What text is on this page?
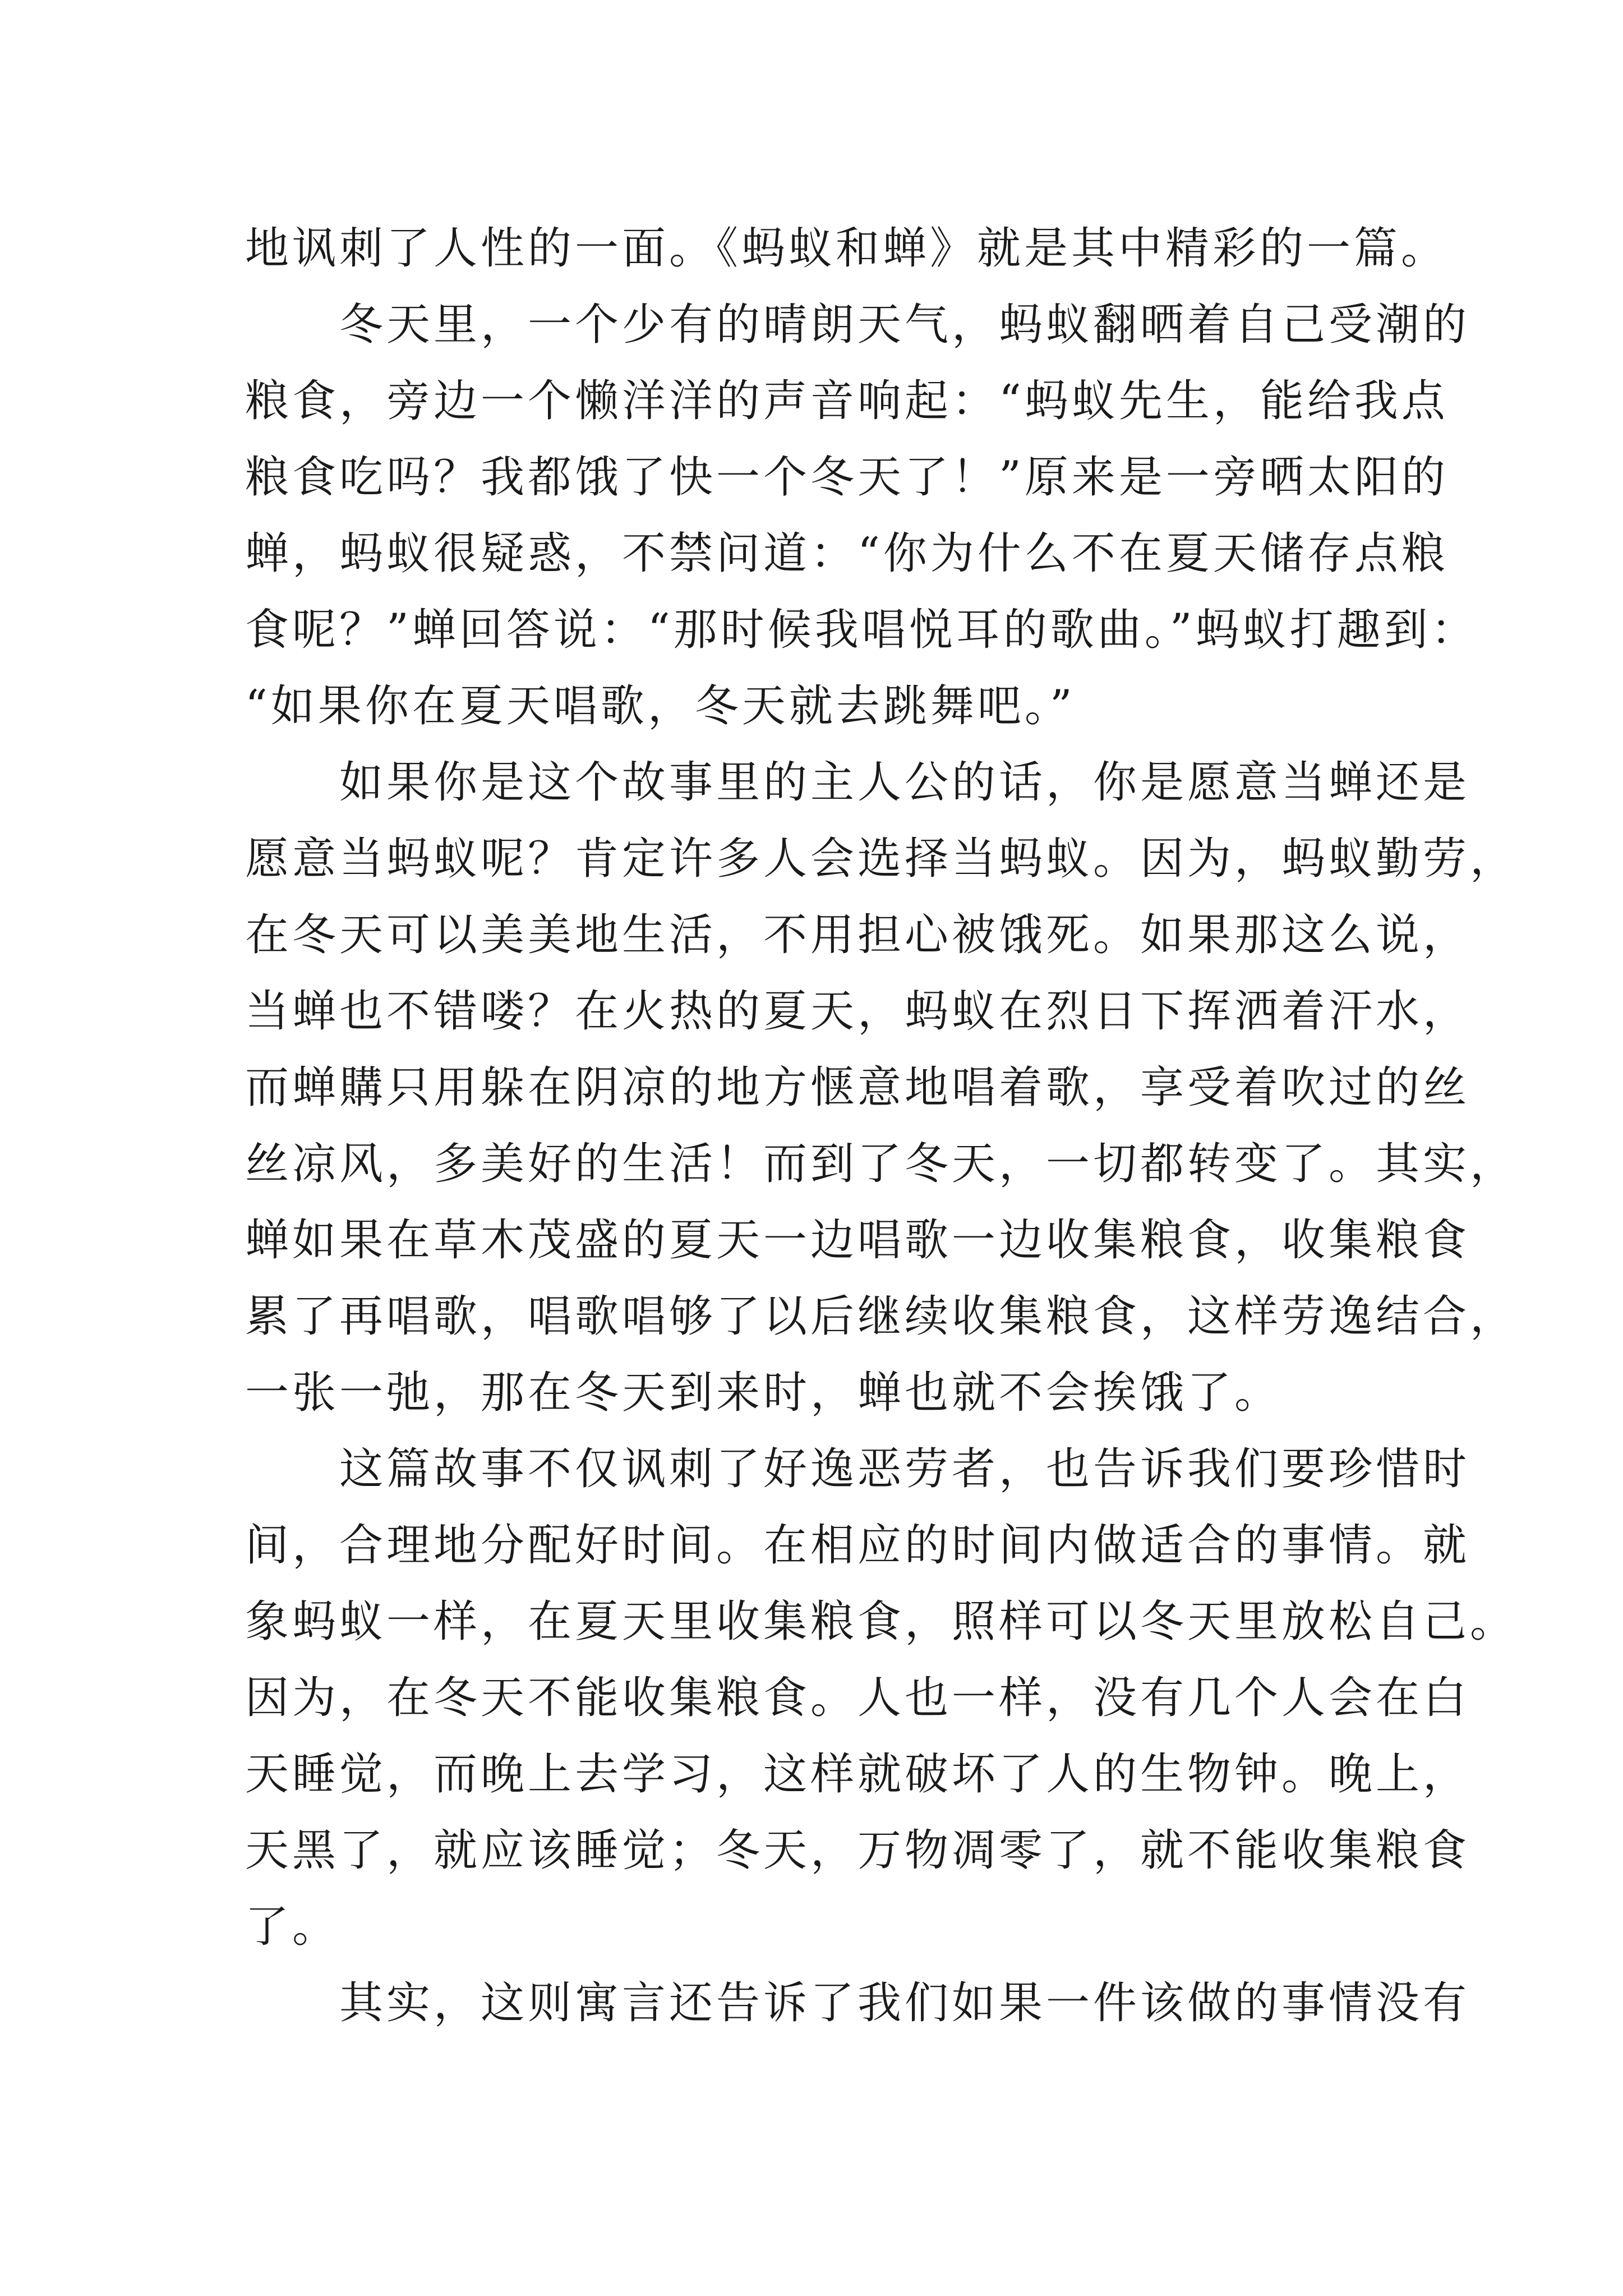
地讽刺了人性的一面。《蚂蚁和蝉》就是其中精彩的一篇。
冬天里，一个少有的晴朗天气，蚂蚁翻晒着自己受潮的
粮食，旁边一个懒洋洋的声音响起：“蚂蚁先生，能给我点
粮食吃吗？我都饿了快一个冬天了！”原来是一旁晒太阳的
蝉，蚂蚁很疑惑，不禁问道：“你为什么不在夏天储存点粮
食呢？”蝉回答说：“那时候我唱悦耳的歌曲。”蚂蚁打趣到：
“如果你在夏天唱歌，冬天就去跳舞吧。”
如果你是这个故事里的主人公的话，你是愿意当蝉还是
愿意当蚂蚁呢？肯定许多人会选择当蚂蚁。因为，蚂蚁勤劳，
在冬天可以美美地生活，不用担心被饿死。如果那这么说，
当蝉也不错喽？在火热的夏天，蚂蚁在烈日下挥洒着汗水，
而蝉購只用躲在阴凉的地方惬意地唱着歌，享受着吹过的丝
丝凉风，多美好的生活！而到了冬天，一切都转变了。其实，
蝉如果在草木茂盛的夏天一边唱歌一边收集粮食，收集粮食
累了再唱歌，唱歌唱够了以后继续收集粮食，这样劳逸结合，
一张一弛，那在冬天到来时，蝉也就不会挨饿了。
这篇故事不仅讽刺了好逸恶劳者，也告诉我们要珍惜时
间，合理地分配好时间。在相应的时间内做适合的事情。就
象蚂蚁一样，在夏天里收集粮食，照样可以冬天里放松自己。
因为，在冬天不能收集粮食。人也一样，没有几个人会在白
天睡觉，而晚上去学习，这样就破坏了人的生物钟。晚上，
天黑了，就应该睡觉；冬天，万物凋零了，就不能收集粮食
了。
其实，这则寓言还告诉了我们如果一件该做的事情没有
